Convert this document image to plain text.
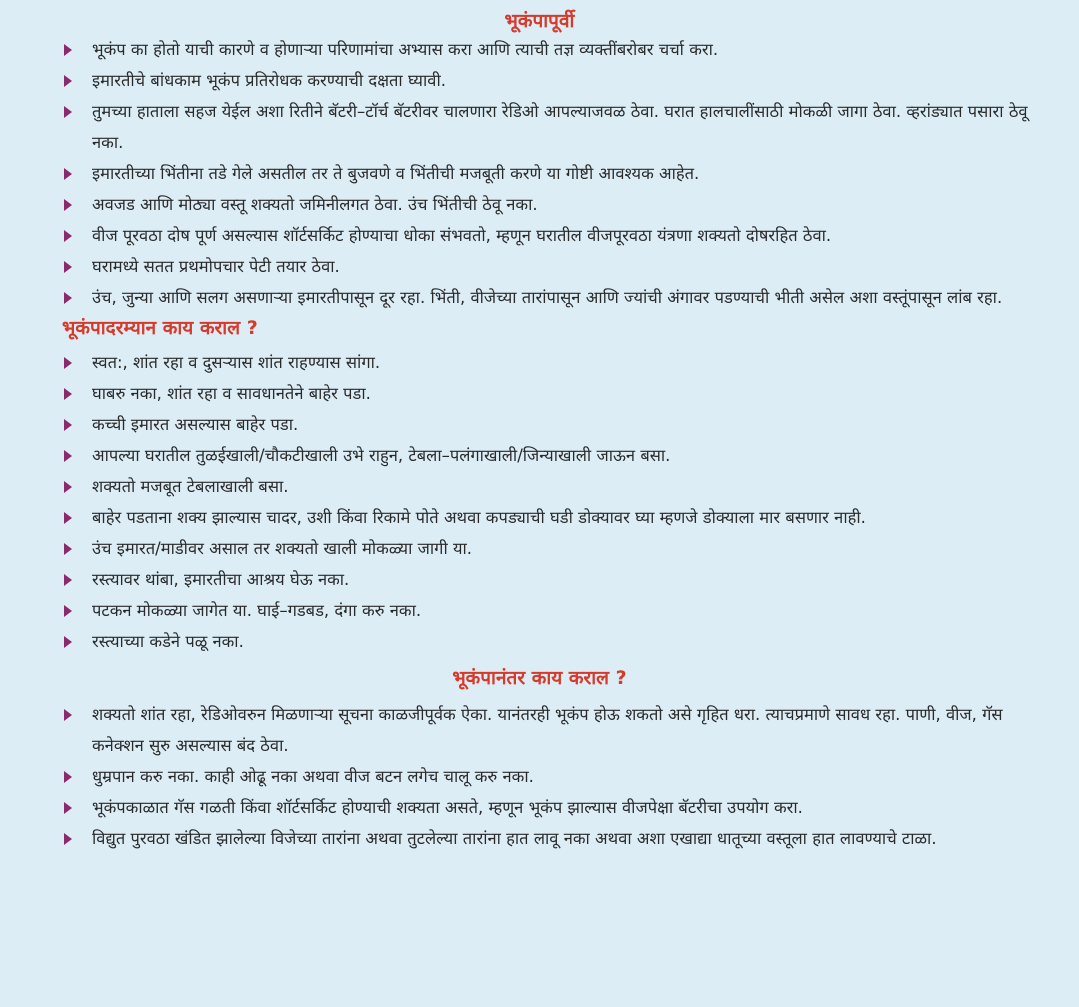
भूकंपापूर्वी
भूकंप का होतो याची कारणे व होणाऱ्या परिणामांचा अभ्यास करा आणि त्याची तज्ञ व्यक्तींबरोबर चर्चा करा.
इमारतीचे बांधकाम भूकंप प्रतिरोधक करण्याची दक्षता घ्यावी.
तुमच्या हाताला सहज येईल अशा रितीने बॅटरी–टॉर्च बॅटरीवर चालणारा रेडिओ आपल्याजवळ ठेवा. घरात हालचालींसाठी मोकळी जागा ठेवा. व्हरांड्यात पसारा ठेवू नका.
इमारतीच्या भिंतीना तडे गेले असतील तर ते बुजवणे व भिंतीची मजबूती करणे या गोष्टी आवश्यक आहेत.
अवजड आणि मोठ्या वस्तू शक्यतो जमिनीलगत ठेवा. उंच भिंतीची ठेवू नका.
वीज पूरवठा दोष पूर्ण असल्यास शॉर्टसर्किट होण्याचा धोका संभवतो, म्हणून घरातील वीजपूरवठा यंत्रणा शक्यतो दोषरहित ठेवा.
घरामध्ये सतत प्रथमोपचार पेटी तयार ठेवा.
उंच, जुन्या आणि सलग असणाऱ्या इमारतीपासून दूर रहा. भिंती, वीजेच्या तारांपासून आणि ज्यांची अंगावर पडण्याची भीती असेल अशा वस्तूंपासून लांब रहा.
भूकंपादरम्यान काय कराल ?
स्वत:, शांत रहा व दुसऱ्यास शांत राहण्यास सांगा.
घाबरु नका, शांत रहा व सावधानतेने बाहेर पडा.
कच्ची इमारत असल्यास बाहेर पडा.
आपल्या घरातील तुळईखाली/चौकटीखाली उभे राहुन, टेबला–पलंगाखाली/जिन्याखाली जाऊन बसा.
शक्यतो मजबूत टेबलाखाली बसा.
बाहेर पडताना शक्य झाल्यास चादर, उशी किंवा रिकामे पोते अथवा कपड्याची घडी डोक्यावर घ्या म्हणजे डोक्याला मार बसणार नाही.
उंच इमारत/माडीवर असाल तर शक्यतो खाली मोकळ्या जागी या.
रस्त्यावर थांबा, इमारतीचा आश्रय घेऊ नका.
पटकन मोकळ्या जागेत या. घाई–गडबड, दंगा करु नका.
रस्त्याच्या कडेने पळू नका.
भूकंपानंतर काय कराल ?
शक्यतो शांत रहा, रेडिओवरुन मिळणाऱ्या सूचना काळजीपूर्वक ऐका. यानंतरही भूकंप होऊ शकतो असे गृहित धरा. त्याचप्रमाणे सावध रहा. पाणी, वीज, गॅस कनेक्शन सुरु असल्यास बंद ठेवा.
धुम्रपान करु नका. काही ओढू नका अथवा वीज बटन लगेच चालू करु नका.
भूकंपकाळात गॅस गळती किंवा शॉर्टसर्किट होण्याची शक्यता असते, म्हणून भूकंप झाल्यास वीजपेक्षा बॅटरीचा उपयोग करा.
विद्युत पुरवठा खंडित झालेल्या विजेच्या तारांना अथवा तुटलेल्या तारांना हात लावू नका अथवा अशा एखाद्या धातूच्या वस्तूला हात लावण्याचे टाळा.
